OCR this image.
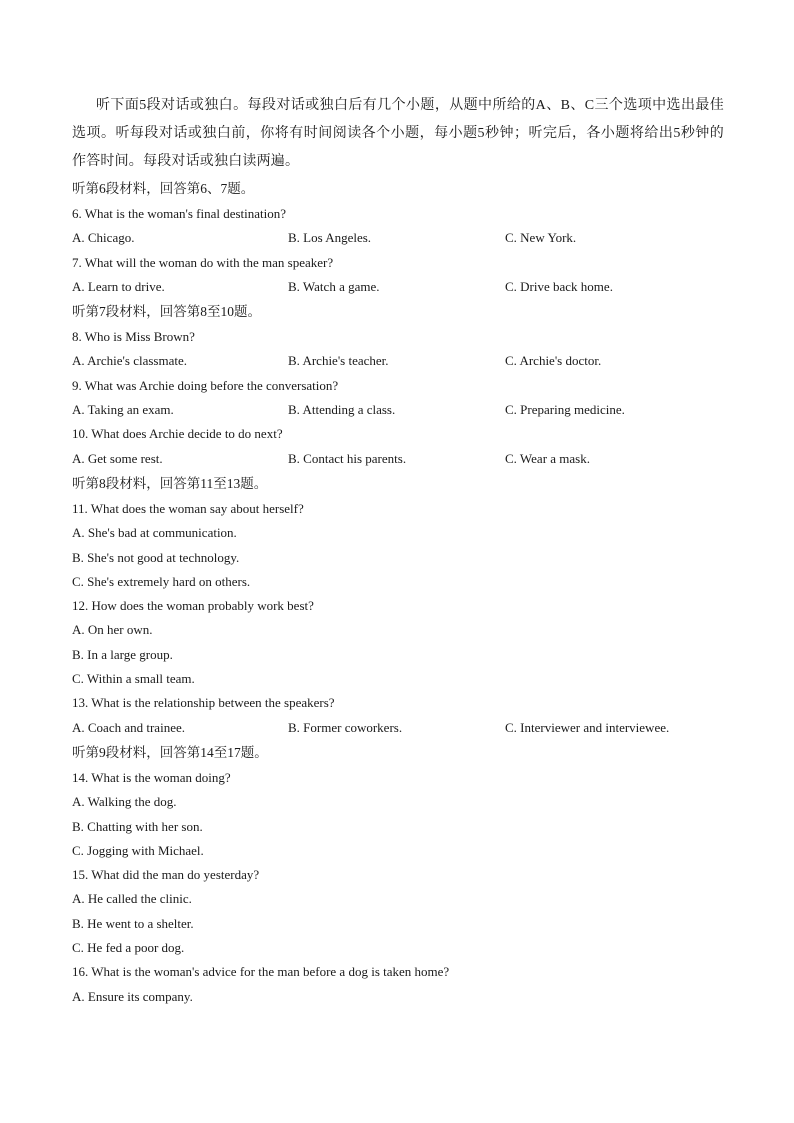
听下面5段对话或独白。每段对话或独白后有几个小题，从题中所给的A、B、C三个选项中选出最佳选项。听每段对话或独白前，你将有时间阅读各个小题，每小题5秒钟；听完后，各小题将给出5秒钟的作答时间。每段对话或独白读两遍。

听第6段材料，回答第6、7题。
6. What is the woman's final destination?
A. Chicago.	B. Los Angeles.	C. New York.
7. What will the woman do with the man speaker?
A. Learn to drive.	B. Watch a game.	C. Drive back home.
听第7段材料，回答第8至10题。
8. Who is Miss Brown?
A. Archie's classmate.	B. Archie's teacher.	C. Archie's doctor.
9. What was Archie doing before the conversation?
A. Taking an exam.	B. Attending a class.	C. Preparing medicine.
10. What does Archie decide to do next?
A. Get some rest.	B. Contact his parents.	C. Wear a mask.
听第8段材料，回答第11至13题。
11. What does the woman say about herself?
A. She's bad at communication.
B. She's not good at technology.
C. She's extremely hard on others.
12. How does the woman probably work best?
A. On her own.
B. In a large group.
C. Within a small team.
13. What is the relationship between the speakers?
A. Coach and trainee.	B. Former coworkers.	C. Interviewer and interviewee.
听第9段材料，回答第14至17题。
14. What is the woman doing?
A. Walking the dog.
B. Chatting with her son.
C. Jogging with Michael.
15. What did the man do yesterday?
A. He called the clinic.
B. He went to a shelter.
C. He fed a poor dog.
16. What is the woman's advice for the man before a dog is taken home?
A. Ensure its company.
